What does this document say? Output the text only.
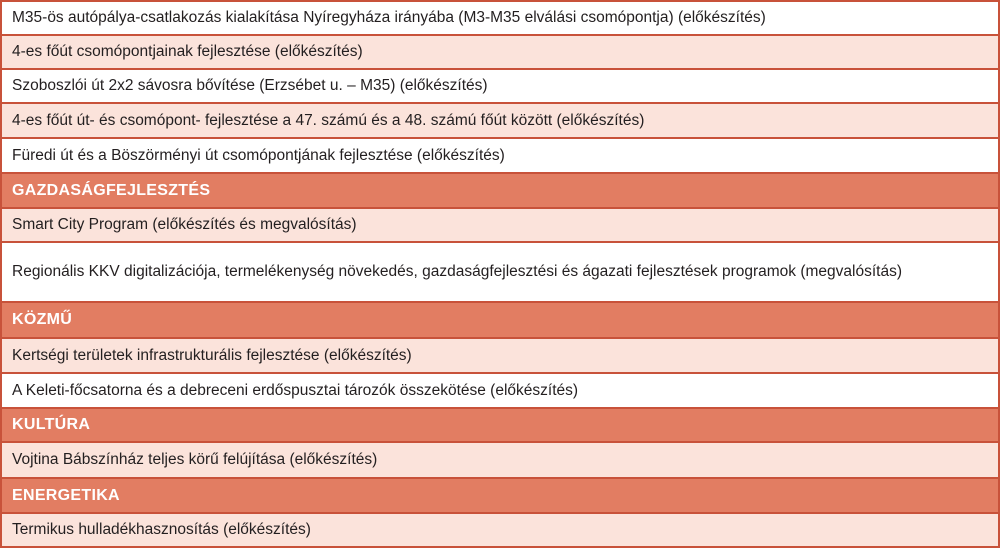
M35-ös autópálya-csatlakozás kialakítása Nyíregyháza irányába (M3-M35 elválási csomópontja) (előkészítés)
4-es főút csomópontjainak fejlesztése (előkészítés)
Szoboszlói út 2x2 sávosra bővítése (Erzsébet u. – M35) (előkészítés)
4-es főút út- és csomópont- fejlesztése a 47. számú és a 48. számú főút között (előkészítés)
Füredi út és a Böszörményi út csomópontjának fejlesztése (előkészítés)
GAZDASÁGFEJLESZTÉS
Smart City Program (előkészítés és megvalósítás)
Regionális KKV digitalizációja, termelékenység növekedés, gazdaságfejlesztési és ágazati fejlesztések programok (megvalósítás)
KÖZMŰ
Kertségi területek infrastrukturális fejlesztése (előkészítés)
A Keleti-főcsatorna és a debreceni erdőspusztai tározók összekötése (előkészítés)
KULTÚRA
Vojtina Bábszínház teljes körű felújítása (előkészítés)
ENERGETIKA
Termikus hulladékhasznosítás (előkészítés)
